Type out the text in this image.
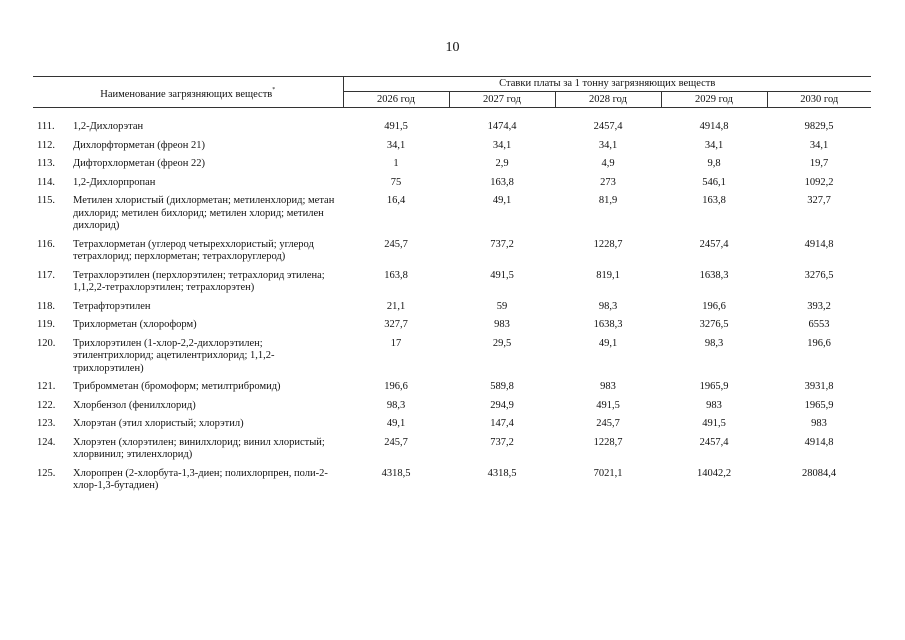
10
Наименование загрязняющих веществ*		Ставки платы за 1 тонну загрязняющих веществ				
		2026 год	2027 год	2028 год	2029 год	2030 год

111.	1,2-Дихлорэтан	491,5	1474,4	2457,4	4914,8	9829,5
112.	Дихлорфторметан (фреон 21)	34,1	34,1	34,1	34,1	34,1
113.	Дифторхлорметан (фреон 22)	1	2,9	4,9	9,8	19,7
114.	1,2-Дихлорпропан	75	163,8	273	546,1	1092,2
115.	Метилен хлористый (дихлорметан; метиленхлорид; метан дихлорид; метилен бихлорид; метилен хлорид; метилен дихлорид)	16,4	49,1	81,9	163,8	327,7
116.	Тетрахлорметан (углерод четыреххлористый; углерод тетрахлорид; перхлорметан; тетрахлоруглерод)	245,7	737,2	1228,7	2457,4	4914,8
117.	Тетрахлорэтилен (перхлорэтилен; тетрахлорид этилена; 1,1,2,2-тетрахлорэтилен; тетрахлорэтен)	163,8	491,5	819,1	1638,3	3276,5
118.	Тетрафторэтилен	21,1	59	98,3	196,6	393,2
119.	Трихлорметан (хлороформ)	327,7	983	1638,3	3276,5	6553
120.	Трихлорэтилен (1-хлор-2,2-дихлорэтилен; этилентрихлорид; ацетилентрихлорид; 1,1,2-трихлорэтилен)	17	29,5	49,1	98,3	196,6
121.	Трибромметан (бромоформ; метилтрибромид)	196,6	589,8	983	1965,9	3931,8
122.	Хлорбензол (фенилхлорид)	98,3	294,9	491,5	983	1965,9
123.	Хлорэтан (этил хлористый; хлорэтил)	49,1	147,4	245,7	491,5	983
124.	Хлорэтен (хлорэтилен; винилхлорид; винил хлористый; хлорвинил; этиленхлорид)	245,7	737,2	1228,7	2457,4	4914,8
125.	Хлоропрен (2-хлорбута-1,3-диен; полихлорпрен, поли-2-хлор-1,3-бутадиен)	4318,5	4318,5	7021,1	14042,2	28084,4
